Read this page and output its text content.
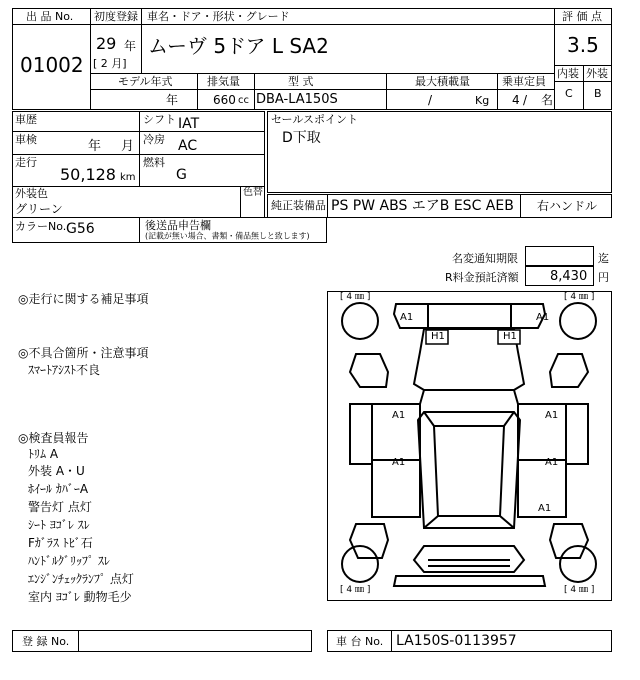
出 品 No.
01002
初度登録
29 年
[ 2 月]
車名・ドア・形状・グレード
ムーヴ 5ドア L SA2
評 価 点
3.5
内装 外装
C B
モデル年式	排気量	型 式	最大積載量	乗車定員
年	660 cc DBA-LA150S	/	Kg 4 / 名
車歴	シフト IAT
車検	年 月 冷房 AC
走行
50,128 km
燃料
G
セールスポイント
D下取
外装色
グリーン
色替
純正装備品 PS PW ABS エアB ESC AEB 右ハンドル
カラーNo. G56	後送品申告欄
(記載が無い場合、書類・備品無しと致します)
名変通知期限	迄
R料金預託済額 8,430 円
◎走行に関する補足事項
◎不具合箇所・注意事項
ｽﾏｰﾄｱｼｽﾄ不良
◎検査員報告
ﾄﾘﾑ A
外装 A・U
ﾎｲｰﾙ ｶﾊﾞｰA
警告灯 点灯
ｼｰﾄ ﾖｺﾞﾚ ｽﾚ
Fｶﾞﾗｽ ﾄﾋﾞ石
ﾊﾝﾄﾞﾙｸﾞﾘｯﾌﾟ ｽﾚ
ｴﾝｼﾞﾝﾁｪｯｸﾗﾝﾌﾟ 点灯
室内 ﾖｺﾞﾚ 動物毛少
[ 4 ㎜ ]	[ 4 ㎜ ]
[ 4 ㎜ ]	[ 4 ㎜ ]
A1	A1
H1	H1
A1	A1
A1	A1
A1
登 録 No.	車 台 No. LA150S-0113957
